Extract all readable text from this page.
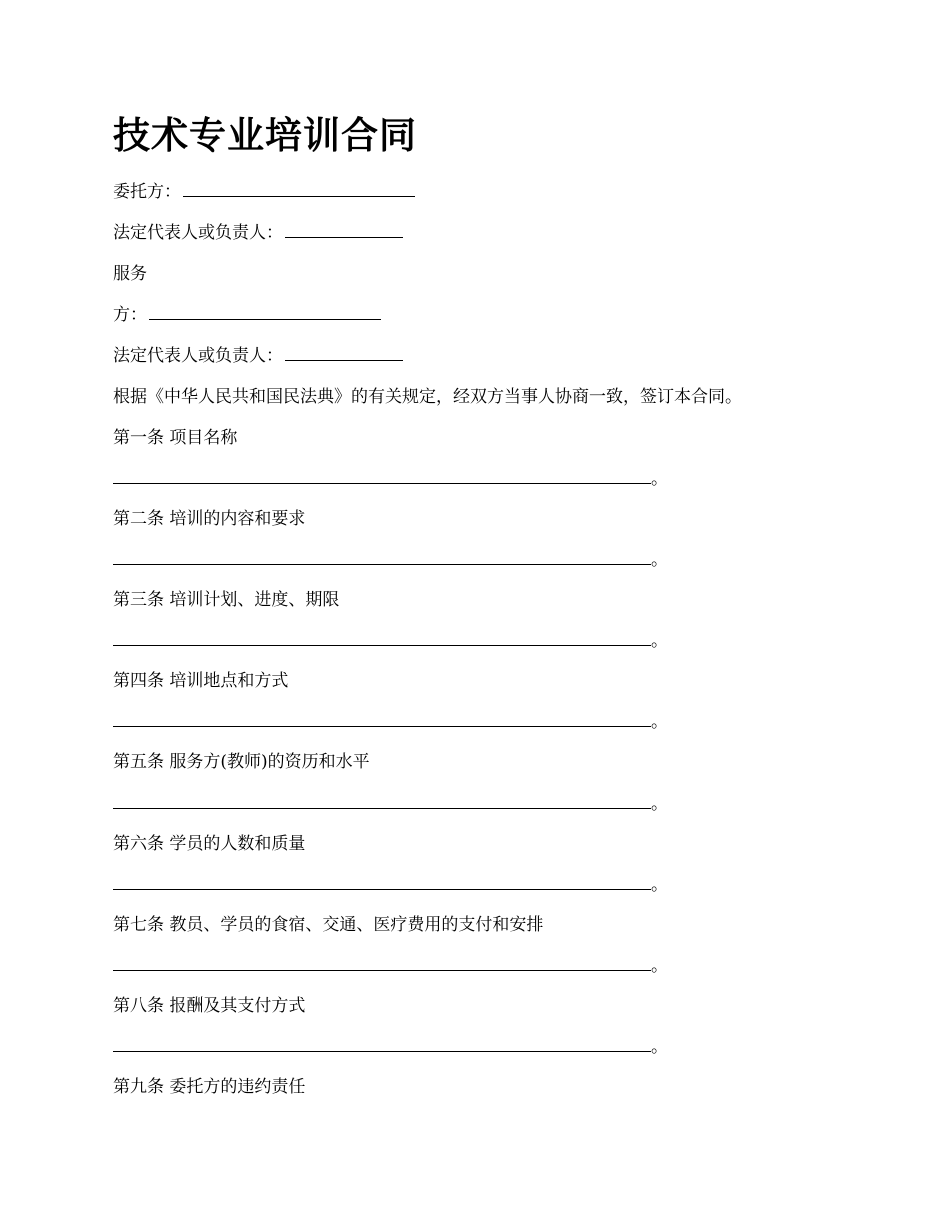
技术专业培训合同
委托方：
法定代表人或负责人：
服务
方：
法定代表人或负责人：
根据《中华人民共和国民法典》的有关规定，经双方当事人协商一致，签订本合同。
第一条 项目名称
。
第二条 培训的内容和要求
。
第三条 培训计划、进度、期限
。
第四条 培训地点和方式
。
第五条 服务方(教师)的资历和水平
。
第六条 学员的人数和质量
。
第七条 教员、学员的食宿、交通、医疗费用的支付和安排
。
第八条 报酬及其支付方式
。
第九条 委托方的违约责任
